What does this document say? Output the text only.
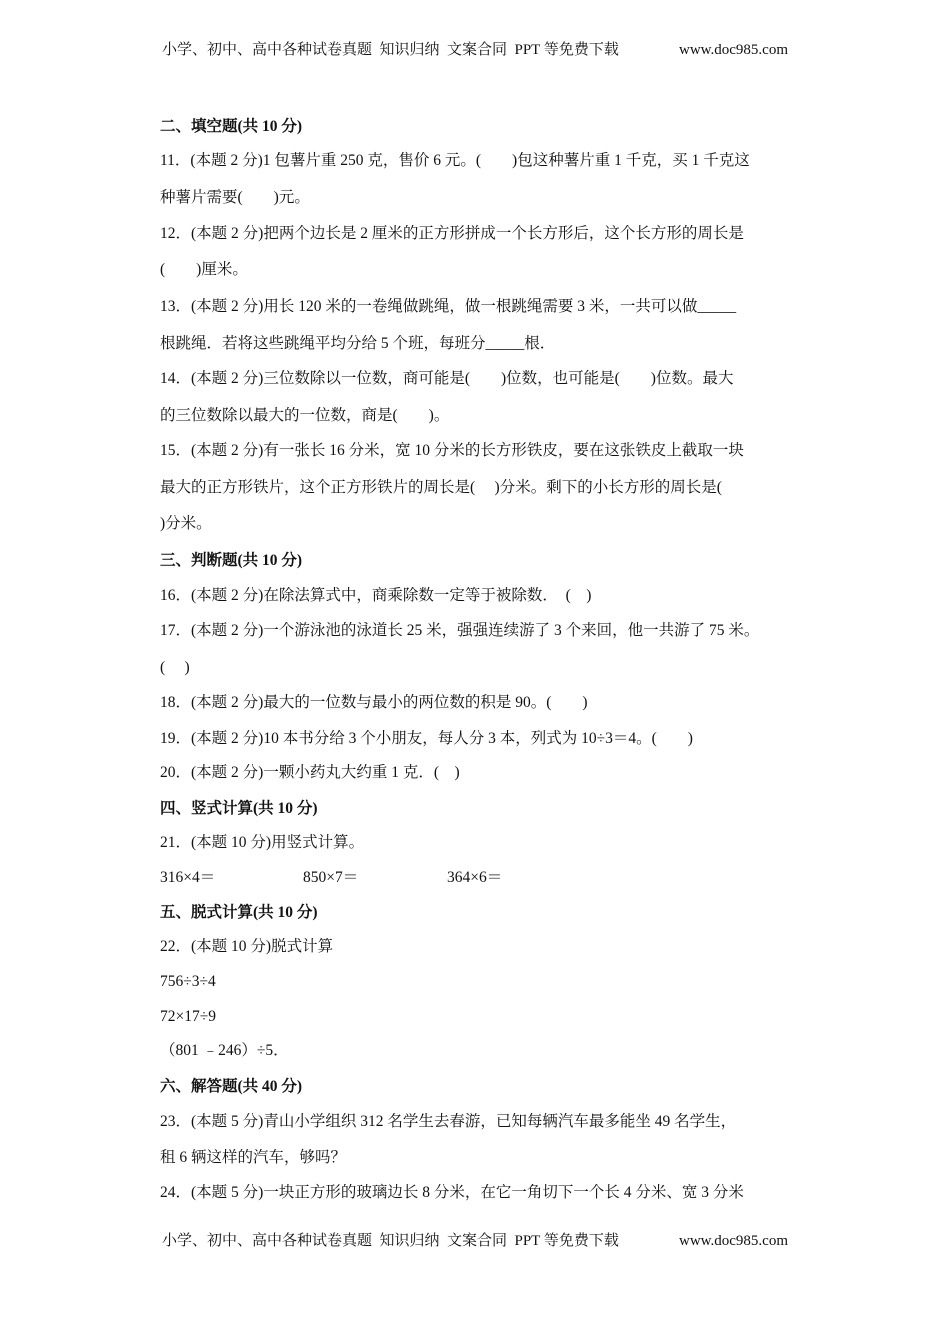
小学、初中、高中各种试卷真题  知识归纳  文案合同  PPT 等免费下载	www.doc985.com
二、填空题(共 10 分)
11．(本题 2 分)1 包薯片重 250 克，售价 6 元。(　　)包这种薯片重 1 千克，买 1 千克这
种薯片需要(　　)元。
12．(本题 2 分)把两个边长是 2 厘米的正方形拼成一个长方形后，这个长方形的周长是
(　　)厘米。
13．(本题 2 分)用长 120 米的一卷绳做跳绳，做一根跳绳需要 3 米，一共可以做_____
根跳绳．若将这些跳绳平均分给 5 个班，每班分_____根．
14．(本题 2 分)三位数除以一位数，商可能是(　　)位数，也可能是(　　)位数。最大
的三位数除以最大的一位数，商是(　　)。
15．(本题 2 分)有一张长 16 分米，宽 10 分米的长方形铁皮，要在这张铁皮上截取一块
最大的正方形铁片，这个正方形铁片的周长是(　 )分米。剩下的小长方形的周长是(
)分米。
三、判断题(共 10 分)
16．(本题 2 分)在除法算式中，商乘除数一定等于被除数．  (　)
17．(本题 2 分)一个游泳池的泳道长 25 米，强强连续游了 3 个来回，他一共游了 75 米。
(　 )
18．(本题 2 分)最大的一位数与最小的两位数的积是 90。(　　)
19．(本题 2 分)10 本书分给 3 个小朋友，每人分 3 本，列式为 10÷3＝4。(　　)
20．(本题 2 分)一颗小药丸大约重 1 克．(　)
四、竖式计算(共 10 分)
21．(本题 10 分)用竖式计算。
316×4＝	850×7＝	364×6＝
五、脱式计算(共 10 分)
22．(本题 10 分)脱式计算
756÷3÷4
72×17÷9
（801 ﹣246）÷5．
六、解答题(共 40 分)
23．(本题 5 分)青山小学组织 312 名学生去春游，已知每辆汽车最多能坐 49 名学生，
租 6 辆这样的汽车，够吗？
24．(本题 5 分)一块正方形的玻璃边长 8 分米，在它一角切下一个长 4 分米、宽 3 分米
小学、初中、高中各种试卷真题  知识归纳  文案合同  PPT 等免费下载	www.doc985.com
